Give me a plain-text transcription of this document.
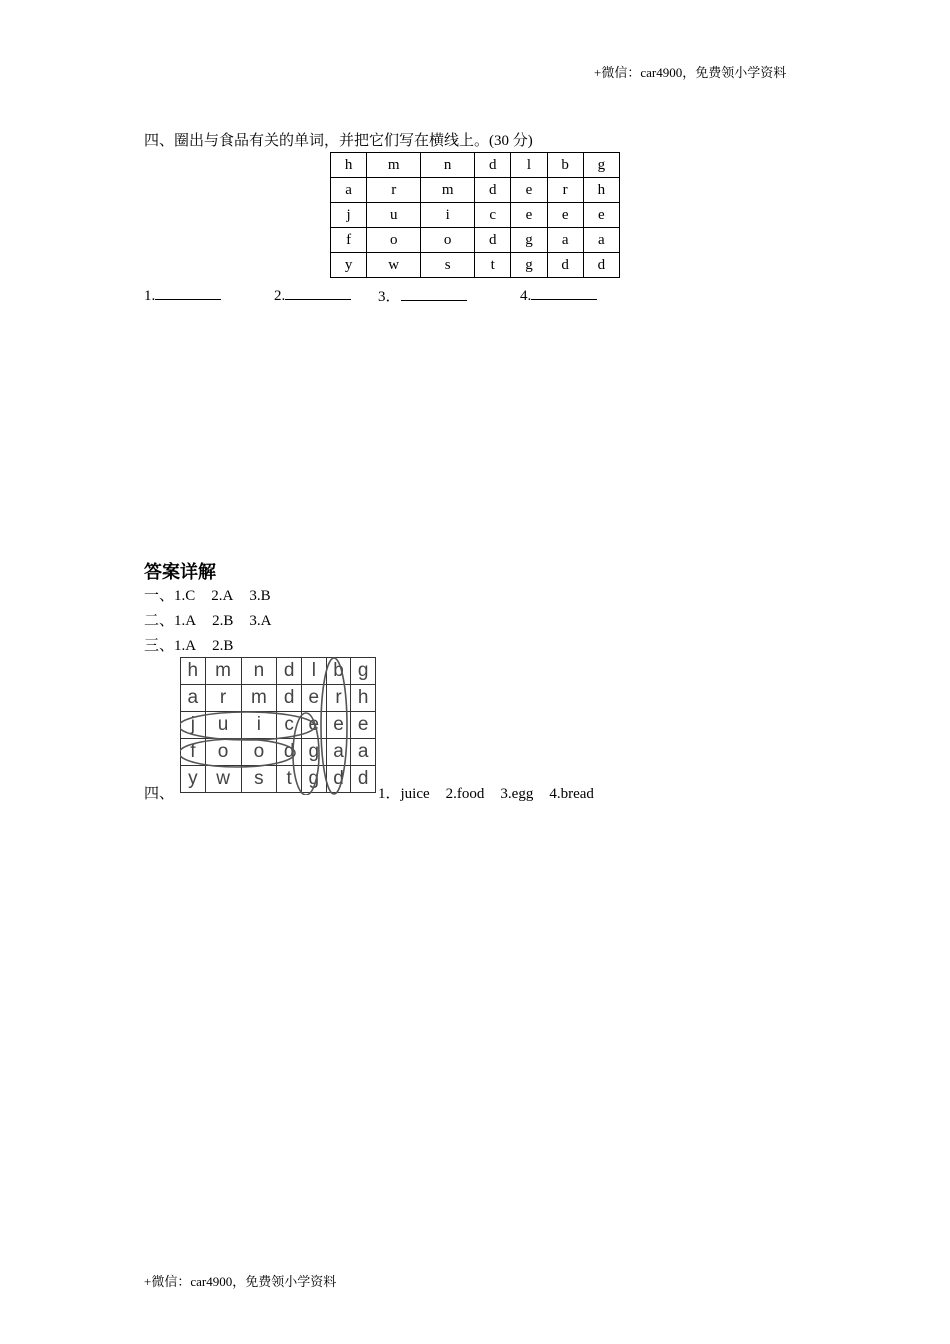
+微信：car4900，免费领小学资料
四、圈出与食品有关的单词，并把它们写在横线上。(30 分)
h	m	n	d	l	b	g
a	r	m	d	e	r	h
j	u	i	c	e	e	e
f	o	o	d	g	a	a
y	w	s	t	g	d	d
1.	2.	3．	4.
答案详解
一、1.C 2.A 3.B
二、1.A 2.B 3.A
三、1.A 2.B
h	m	n	d	l	b	g
a	r	m	d	e	r	h
j	u	i	c	e	e	e
f	o	o	d	g	a	a
y	w	s	t	g	d	d
四、	1．juice 2.food 3.egg 4.bread
+微信：car4900，免费领小学资料
